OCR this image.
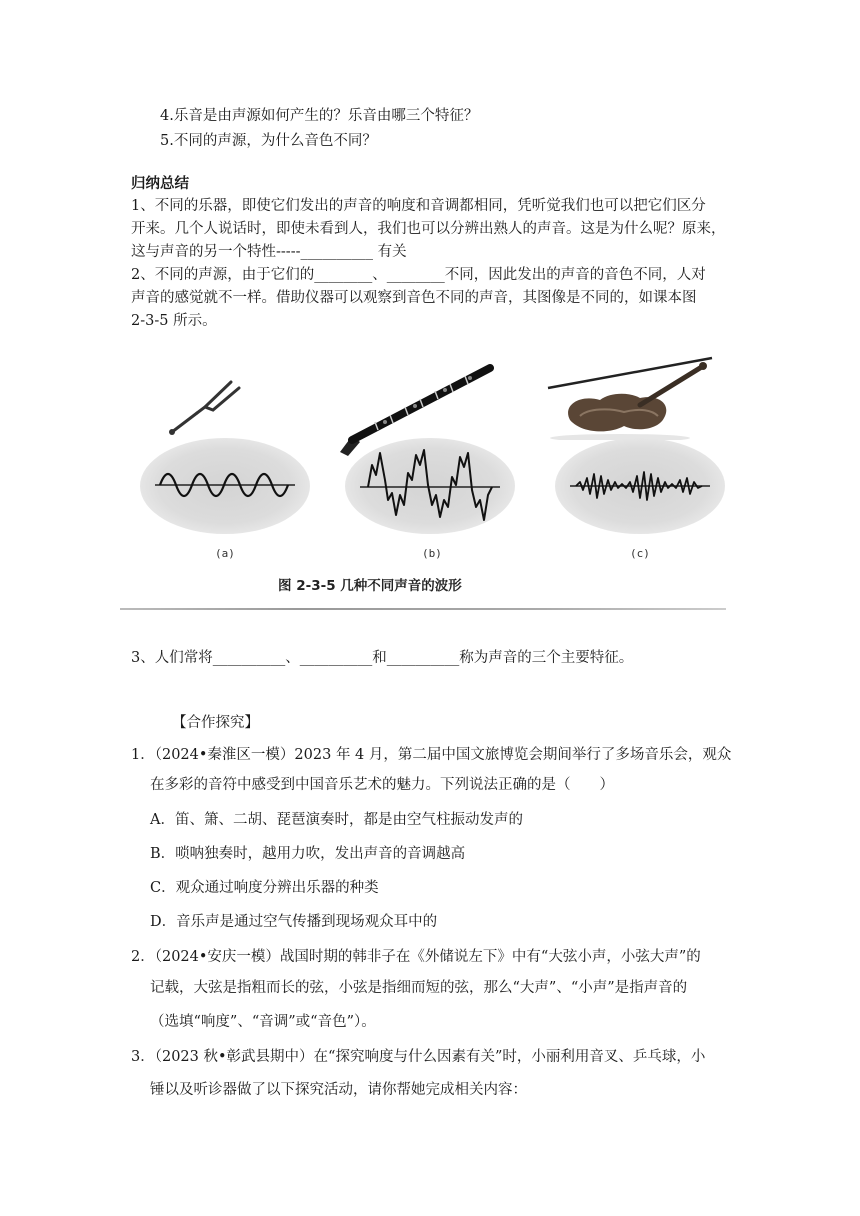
4.乐音是由声源如何产生的？乐音由哪三个特征？
5.不同的声源，为什么音色不同？
归纳总结
1、不同的乐器，即使它们发出的声音的响度和音调都相同，凭听觉我们也可以把它们区分
开来。几个人说话时，即使未看到人，我们也可以分辨出熟人的声音。这是为什么呢？原来，
这与声音的另一个特性-----__________ 有关
2、不同的声源，由于它们的________、________不同，因此发出的声音的音色不同，人对
声音的感觉就不一样。借助仪器可以观察到音色不同的声音，其图像是不同的，如课本图
2-3-5 所示。
(a)	(b)	(c)
图 2-3-5 几种不同声音的波形
3、人们常将__________、__________和__________称为声音的三个主要特征。
【合作探究】
1．（2024•秦淮区一模）2023 年 4 月，第二届中国文旅博览会期间举行了多场音乐会，观众
在多彩的音符中感受到中国音乐艺术的魅力。下列说法正确的是（　　）
A．笛、箫、二胡、琵琶演奏时，都是由空气柱振动发声的
B．唢呐独奏时，越用力吹，发出声音的音调越高
C．观众通过响度分辨出乐器的种类
D．音乐声是通过空气传播到现场观众耳中的
2．（2024•安庆一模）战国时期的韩非子在《外储说左下》中有“大弦小声，小弦大声”的
记载，大弦是指粗而长的弦，小弦是指细而短的弦，那么“大声”、“小声”是指声音的
（选填“响度”、“音调”或“音色”）。
3．（2023 秋•彰武县期中）在“探究响度与什么因素有关”时，小丽利用音叉、乒乓球，小
锤以及听诊器做了以下探究活动，请你帮她完成相关内容：
